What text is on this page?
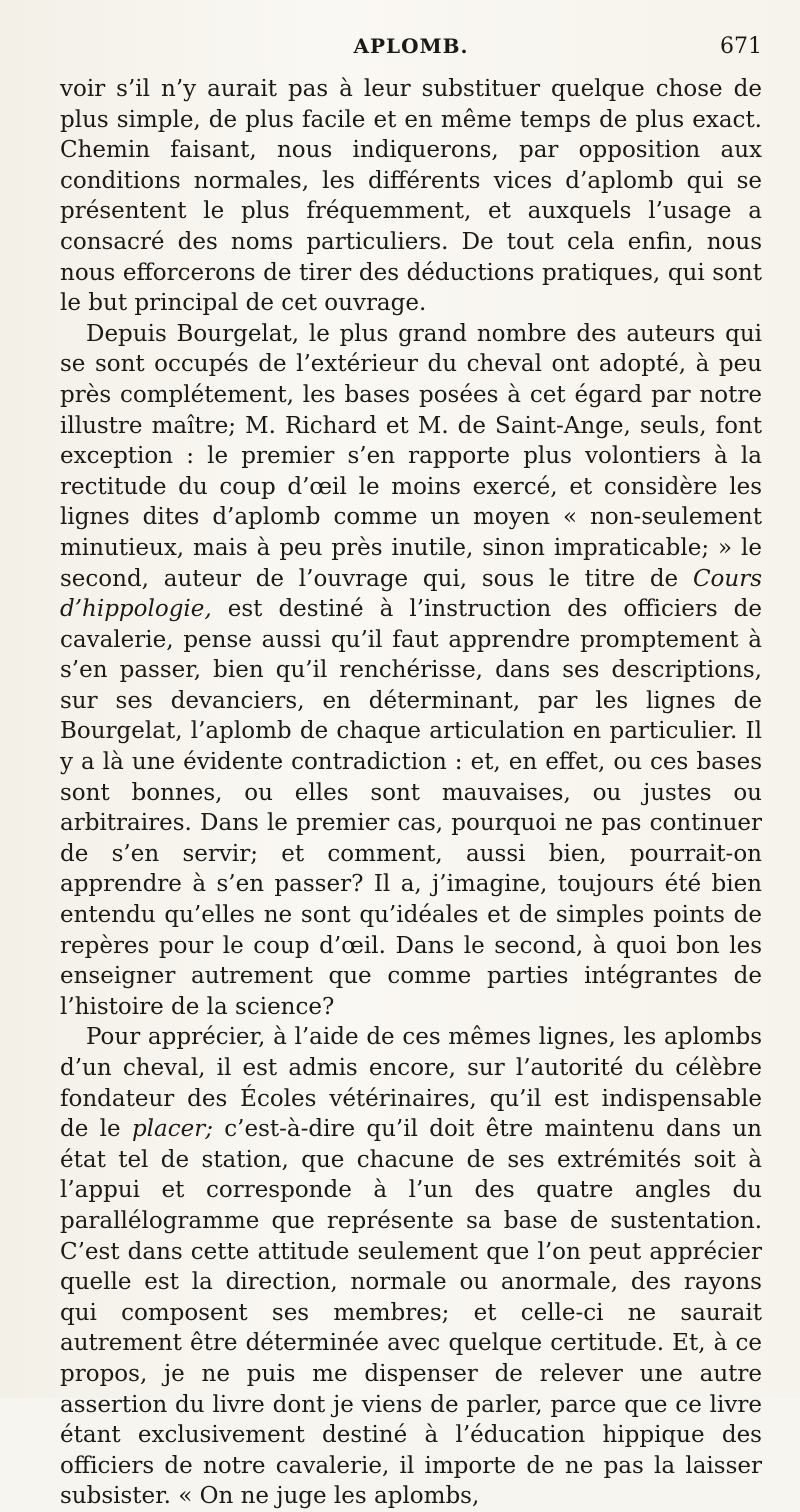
APLOMB.	671

voir s’il n’y aurait pas à leur substituer quelque chose de plus simple, de plus facile et en même temps de plus exact. Chemin faisant, nous indiquerons, par opposition aux conditions normales, les différents vices d’aplomb qui se présentent le plus fréquemment, et auxquels l’usage a consacré des noms particuliers. De tout cela enfin, nous nous efforcerons de tirer des déductions pratiques, qui sont le but principal de cet ouvrage.

Depuis Bourgelat, le plus grand nombre des auteurs qui se sont occupés de l’extérieur du cheval ont adopté, à peu près complétement, les bases posées à cet égard par notre illustre maître; M. Richard et M. de Saint-Ange, seuls, font exception : le premier s’en rapporte plus volontiers à la rectitude du coup d’œil le moins exercé, et considère les lignes dites d’aplomb comme un moyen « non-seulement minutieux, mais à peu près inutile, sinon impraticable; » le second, auteur de l’ouvrage qui, sous le titre de Cours d’hippologie, est destiné à l’instruction des officiers de cavalerie, pense aussi qu’il faut apprendre promptement à s’en passer, bien qu’il renchérisse, dans ses descriptions, sur ses devanciers, en déterminant, par les lignes de Bourgelat, l’aplomb de chaque articulation en particulier. Il y a là une évidente contradiction : et, en effet, ou ces bases sont bonnes, ou elles sont mauvaises, ou justes ou arbitraires. Dans le premier cas, pourquoi ne pas continuer de s’en servir; et comment, aussi bien, pourrait-on apprendre à s’en passer? Il a, j’imagine, toujours été bien entendu qu’elles ne sont qu’idéales et de simples points de repères pour le coup d’œil. Dans le second, à quoi bon les enseigner autrement que comme parties intégrantes de l’histoire de la science?

Pour apprécier, à l’aide de ces mêmes lignes, les aplombs d’un cheval, il est admis encore, sur l’autorité du célèbre fondateur des Écoles vétérinaires, qu’il est indispensable de le placer; c’est-à-dire qu’il doit être maintenu dans un état tel de station, que chacune de ses extrémités soit à l’appui et corresponde à l’un des quatre angles du parallélogramme que représente sa base de sustentation. C’est dans cette attitude seulement que l’on peut apprécier quelle est la direction, normale ou anormale, des rayons qui composent ses membres; et celle-ci ne saurait autrement être déterminée avec quelque certitude. Et, à ce propos, je ne puis me dispenser de relever une autre assertion du livre dont je viens de parler, parce que ce livre étant exclusivement destiné à l’éducation hippique des officiers de notre cavalerie, il importe de ne pas la laisser subsister. « On ne juge les aplombs,
